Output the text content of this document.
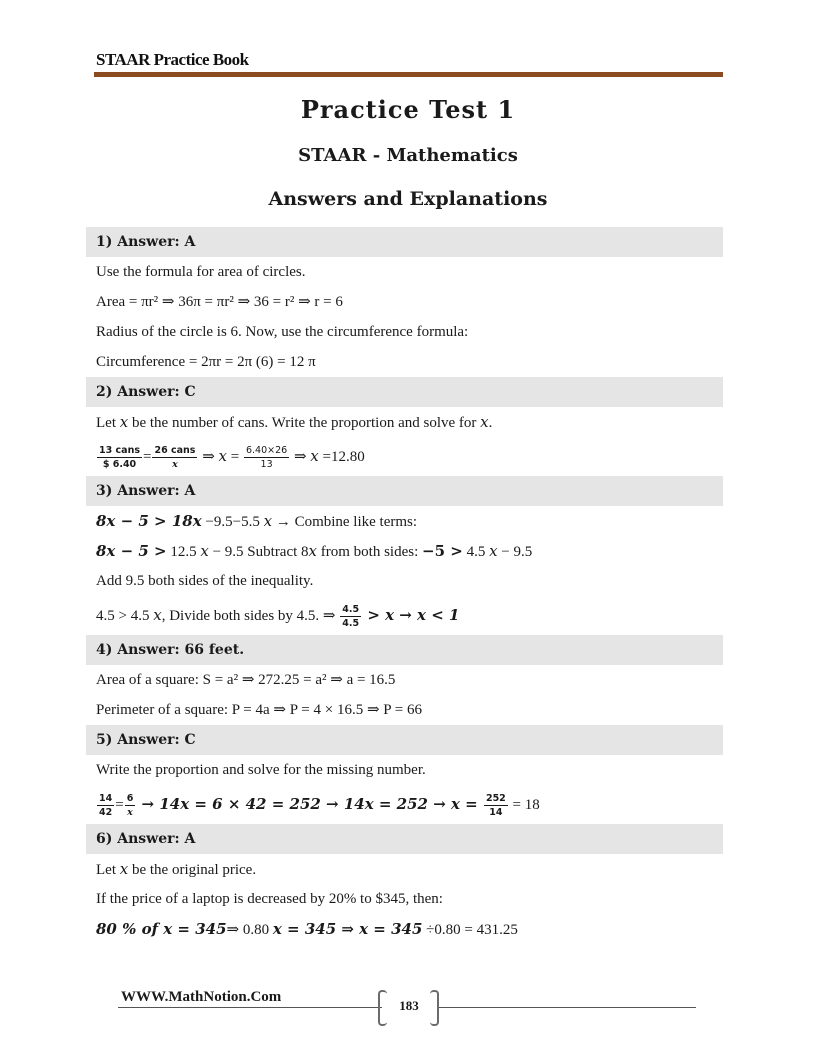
STAAR Practice Book
Practice Test 1
STAAR - Mathematics
Answers and Explanations
1) Answer: A
Use the formula for area of circles.
Area = πr² ⇒ 36π = πr² ⇒ 36 = r² ⇒ r = 6
Radius of the circle is 6. Now, use the circumference formula:
Circumference = 2πr = 2π (6) = 12 π
2) Answer: C
Let x be the number of cans. Write the proportion and solve for x.
$\frac{\text{13 cans}}{\$ 6.40} = \frac{\text{26 cans}}{x}$ ⇒ $x = \frac{6.40\times 26}{13}$ ⇒ x =12.80
3) Answer: A
8x − 5 > 18x −9.5−5.5 x → Combine like terms:
8x − 5 > 12.5 x − 9.5 Subtract 8x from both sides: −5 > 4.5 x − 9.5
Add 9.5 both sides of the inequality.
4.5 > 4.5 x, Divide both sides by 4.5. ⇒ $\frac{4.5}{4.5} > x \to x < 1$
4) Answer: 66 feet.
Area of a square: S = a² ⇒ 272.25 = a² ⇒ a = 16.5
Perimeter of a square: P = 4a ⇒ P = 4 × 16.5 ⇒ P = 66
5) Answer: C
Write the proportion and solve for the missing number.
$\frac{14}{42} = \frac{6}{x} \to 14x = 6 \times 42 = 252 \to 14x = 252 \to x = \frac{252}{14} = 18$
6) Answer: A
Let x be the original price.
If the price of a laptop is decreased by 20% to $345, then:
80 % of x = 345⇒ 0.80 x = 345 ⇒ x = 345 ÷0.80 = 431.25
WWW.MathNotion.Com
183
